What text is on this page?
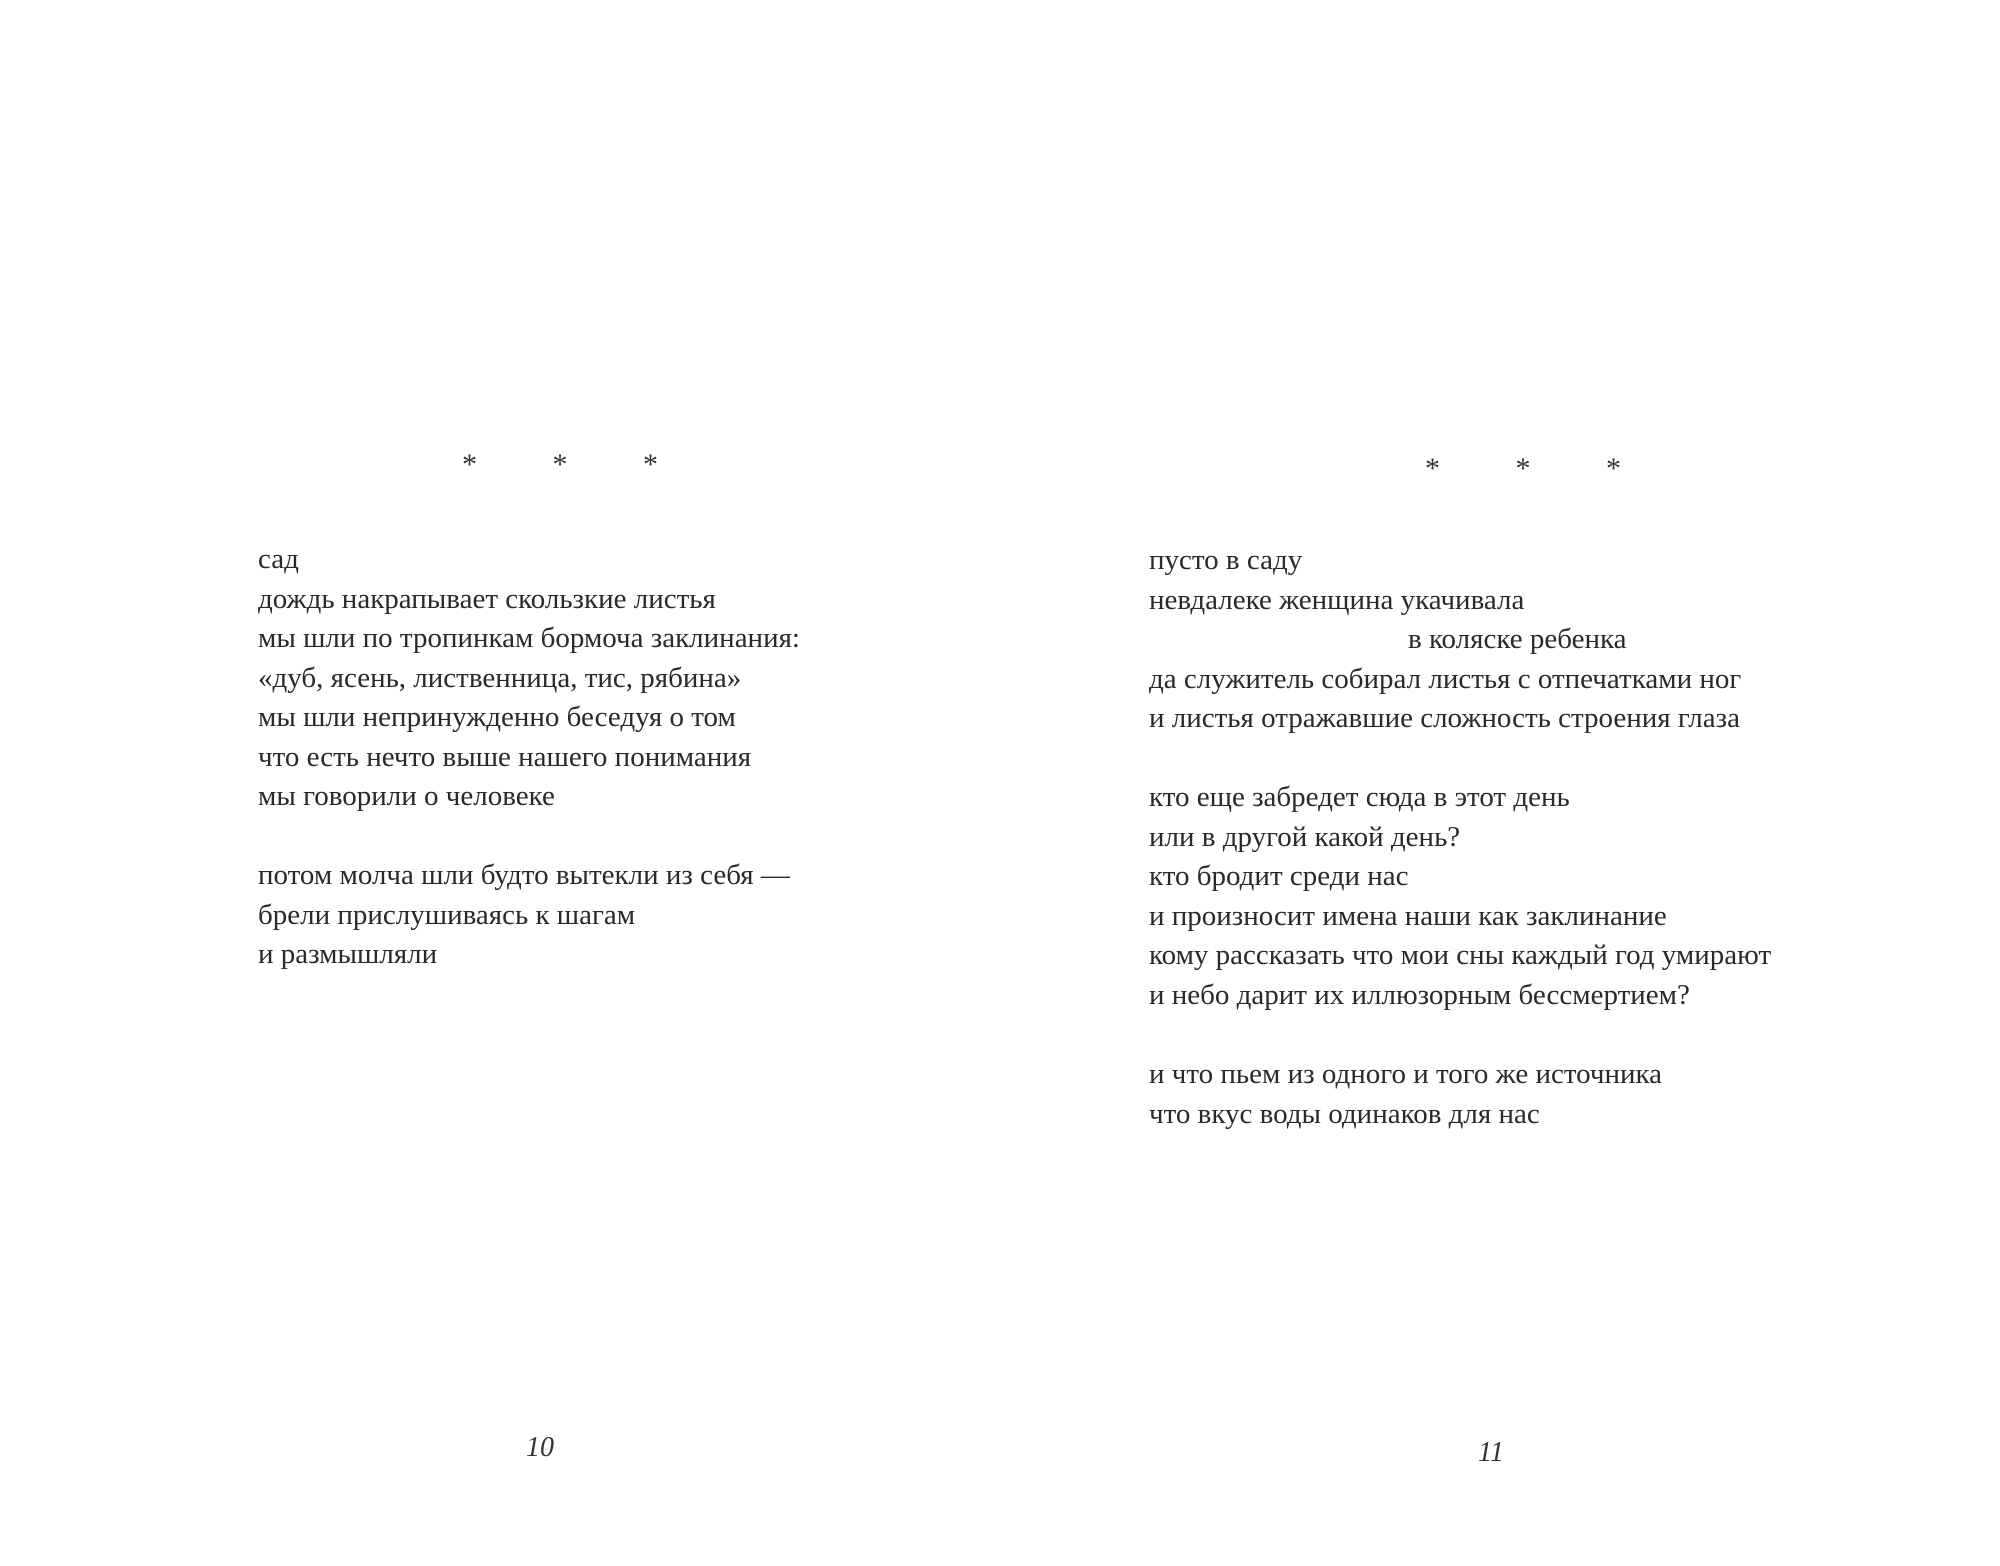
* * *
сад
дождь накрапывает скользкие листья
мы шли по тропинкам бормоча заклинания:
«дуб, ясень, лиственница, тис, рябина»
мы шли непринужденно беседуя о том
что есть нечто выше нашего понимания
мы говорили о человеке
потом молча шли будто вытекли из себя —
брели прислушиваясь к шагам
и размышляли
10
* * *
пусто в саду
невдалеке женщина укачивала
в коляске ребенка
да служитель собирал листья с отпечатками ног
и листья отражавшие сложность строения глаза
кто еще забредет сюда в этот день
или в другой какой день?
кто бродит среди нас
и произносит имена наши как заклинание
кому рассказать что мои сны каждый год умирают
и небо дарит их иллюзорным бессмертием?
и что пьем из одного и того же источника
что вкус воды одинаков для нас
11
